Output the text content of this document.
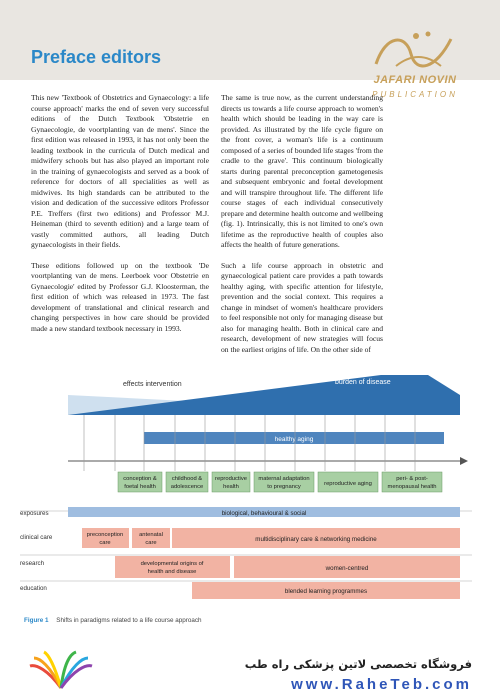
Preface editors
JAFARI NOVIN
PUBLICATION

This new 'Textbook of Obstetrics and Gynaecology: a life course approach' marks the end of seven very successful editions of the Dutch Textbook 'Obstetrie en Gynaecologie, de voortplanting van de mens'. Since the first edition was released in 1993, it has not only been the leading textbook in the curricula of Dutch medical and midwifery schools but has also played an important role in the training of gynaecologists and served as a book of reference for doctors of all specialities as well as midwives. Its high standards can be attributed to the vision and dedication of the successive editors Professor P.E. Treffers (first two editions) and Professor M.J. Heineman (third to seventh edition) and a large team of vastly committed authors, all leading Dutch gynaecologists in their fields.

These editions followed up on the textbook 'De voortplanting van de mens. Leerboek voor Obstetrie en Gynaecologie' edited by Professor G.J. Kloosterman, the first edition of which was released in 1973. The fast development of translational and clinical research and changing perspectives in how care should be provided made a new standard textbook necessary in 1993.

The same is true now, as the current understanding directs us towards a life course approach to women's health which should be leading in the way care is provided. As illustrated by the life cycle figure on the front cover, a woman's life is a continuum composed of a series of bounded life stages 'from the cradle to the grave'. This continuum biologically starts during parental preconception gametogenesis and subsequent embryonic and foetal development and will transpire throughout life. The different life course stages of each individual consecutively prepare and determine health outcome and wellbeing (fig. 1). Intrinsically, this is not limited to one's own lifetime as the reproductive health of couples also affects the health of future generations.

Such a life course approach in obstetric and gynaecological patient care provides a path towards healthy aging, with specific attention for lifestyle, prevention and the social context. This requires a change in mindset of women's healthcare providers to feel responsible not only for managing disease but also for managing health. Both in clinical care and research, development of new strategies will focus on the earliest origins of life. On the other side of

effects intervention	burden of disease
healthy aging
conception &
foetal health
childhood &
adolescence
reproductive
health
maternal adaptation
to pregnancy	reproductive aging
peri- & post-
menopausal health
exposures
clinical care
research
education
biological, behavioural & social
preconception
care
antenatal
care	multidisciplinary care & networking medicine
developmental origins of
health and disease	women-centred
blended learning programmes
Figure 1 Shifts in paradigms related to a life course approach
فروشگاه تخصصی لاتین پزشکی راه طب
www.RaheTeb.com
